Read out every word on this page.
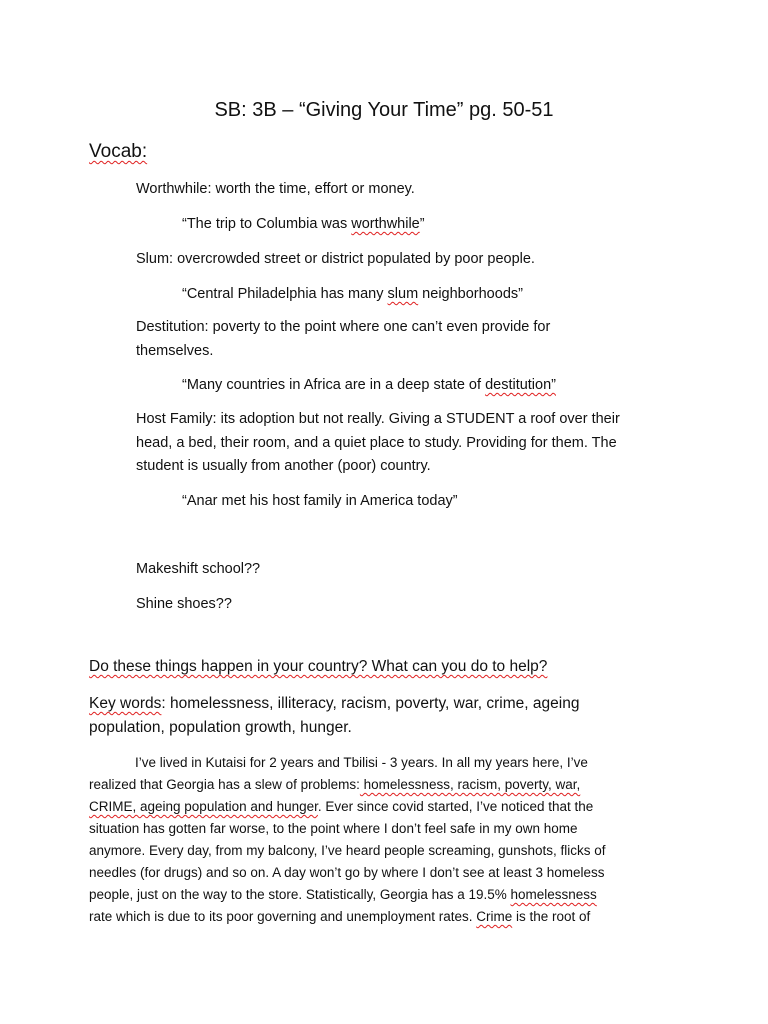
SB: 3B – “Giving Your Time” pg. 50-51
Vocab:
Worthwhile: worth the time, effort or money.
“The trip to Columbia was worthwhile”
Slum: overcrowded street or district populated by poor people.
“Central Philadelphia has many slum neighborhoods”
Destitution: poverty to the point where one can’t even provide for
themselves.
“Many countries in Africa are in a deep state of destitution”
Host Family: its adoption but not really. Giving a STUDENT a roof over their
head, a bed, their room, and a quiet place to study. Providing for them. The
student is usually from another (poor) country.
“Anar met his host family in America today”
Makeshift school??
Shine shoes??
Do these things happen in your country? What can you do to help?
Key words: homelessness, illiteracy, racism, poverty, war, crime, ageing
population, population growth, hunger.
I’ve lived in Kutaisi for 2 years and Tbilisi - 3 years. In all my years here, I’ve
realized that Georgia has a slew of problems: homelessness, racism, poverty, war,
CRIME, ageing population and hunger. Ever since covid started, I’ve noticed that the
situation has gotten far worse, to the point where I don’t feel safe in my own home
anymore. Every day, from my balcony, I’ve heard people screaming, gunshots, flicks of
needles (for drugs) and so on. A day won’t go by where I don’t see at least 3 homeless
people, just on the way to the store. Statistically, Georgia has a 19.5% homelessness
rate which is due to its poor governing and unemployment rates. Crime is the root of
